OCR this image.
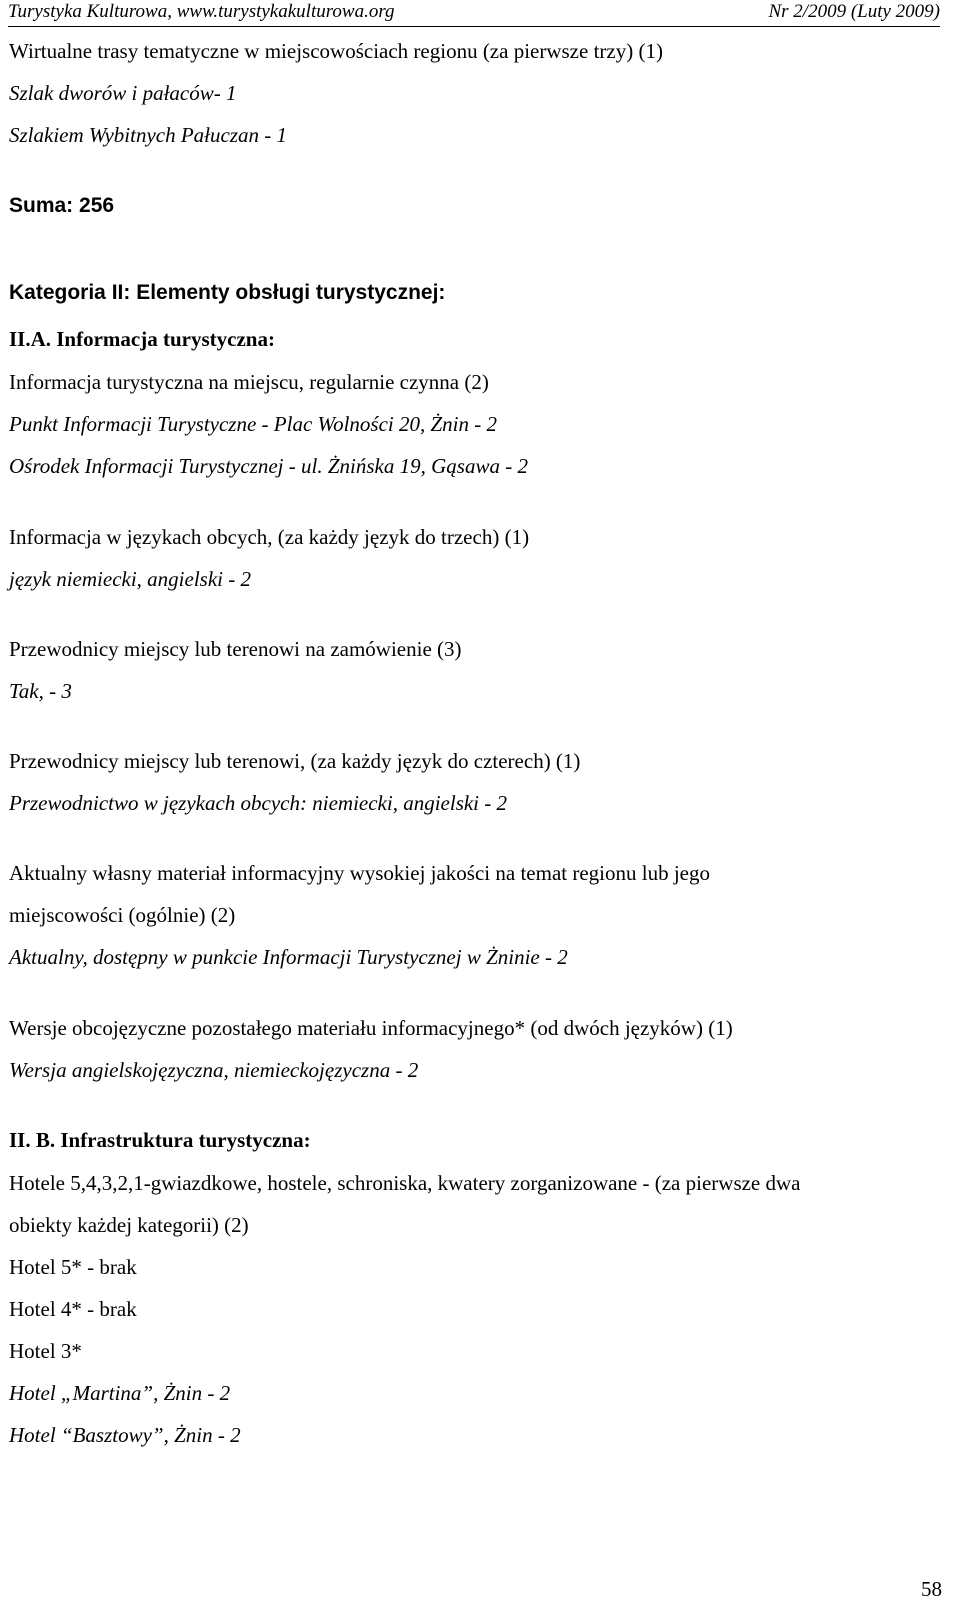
Turystyka Kulturowa, www.turystykakulturowa.org	Nr 2/2009 (Luty 2009)
Wirtualne trasy tematyczne w miejscowościach regionu (za pierwsze trzy) (1)
Szlak dworów i pałaców- 1
Szlakiem Wybitnych Pałuczan - 1
Suma: 256
Kategoria II: Elementy obsługi turystycznej:
II.A. Informacja turystyczna:
Informacja turystyczna na miejscu, regularnie czynna (2)
Punkt Informacji Turystyczne - Plac Wolności 20, Żnin - 2
Ośrodek Informacji Turystycznej - ul. Żnińska 19, Gąsawa - 2
Informacja w językach obcych, (za każdy język do trzech) (1)
język niemiecki, angielski - 2
Przewodnicy miejscy lub terenowi na zamówienie (3)
Tak, - 3
Przewodnicy miejscy lub terenowi, (za każdy język do czterech) (1)
Przewodnictwo w językach obcych: niemiecki, angielski - 2
Aktualny własny materiał informacyjny wysokiej jakości na temat regionu lub jego
miejscowości (ogólnie) (2)
Aktualny, dostępny w punkcie Informacji Turystycznej w Żninie - 2
Wersje obcojęzyczne pozostałego materiału informacyjnego* (od dwóch języków) (1)
Wersja angielskojęzyczna, niemieckojęzyczna - 2
II. B. Infrastruktura turystyczna:
Hotele 5,4,3,2,1-gwiazdkowe, hostele, schroniska, kwatery zorganizowane - (za pierwsze dwa
obiekty każdej kategorii) (2)
Hotel 5* - brak
Hotel 4* - brak
Hotel 3*
Hotel „Martina”, Żnin - 2
Hotel “Basztowy”, Żnin - 2
58
